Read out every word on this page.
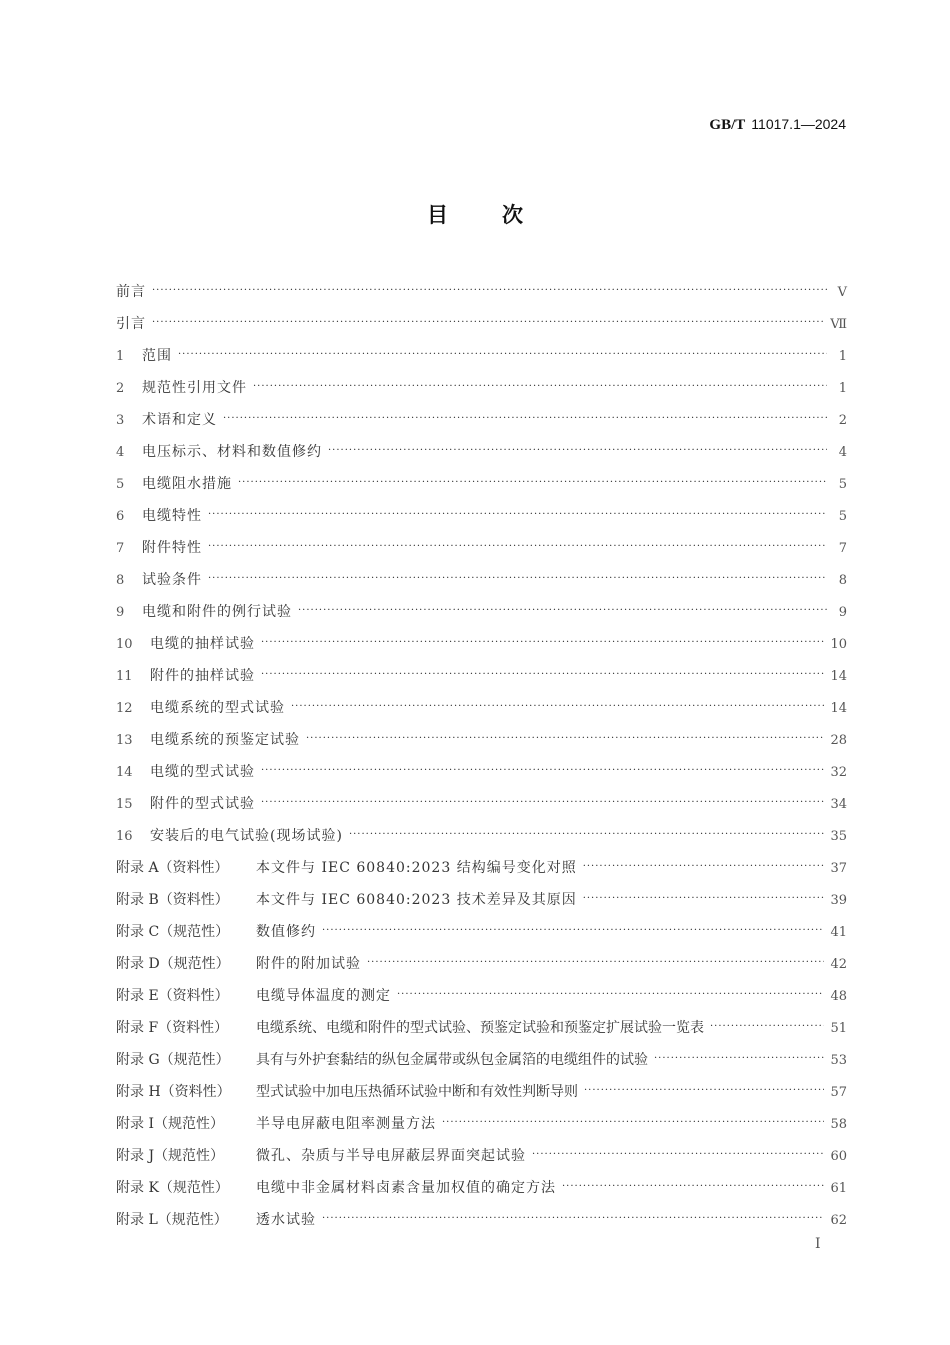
GB/T 11017.1—2024
目	次
前言 ·····	Ⅴ
引言 ·····	Ⅶ
1	范围 ·····	1
2	规范性引用文件 ·····	1
3	术语和定义 ·····	2
4	电压标示、材料和数值修约 ·····	4
5	电缆阻水措施 ·····	5
6	电缆特性 ·····	5
7	附件特性 ·····	7
8	试验条件 ·····	8
9	电缆和附件的例行试验 ·····	9
10	电缆的抽样试验 ·····	10
11	附件的抽样试验 ·····	14
12	电缆系统的型式试验 ·····	14
13	电缆系统的预鉴定试验 ·····	28
14	电缆的型式试验 ·····	32
15	附件的型式试验 ·····	34
16	安装后的电气试验(现场试验) ·····	35
附录 A（资料性）	本文件与 IEC 60840:2023 结构编号变化对照 ·····	37
附录 B（资料性）	本文件与 IEC 60840:2023 技术差异及其原因 ·····	39
附录 C（规范性）	数值修约 ·····	41
附录 D（规范性）	附件的附加试验 ·····	42
附录 E（资料性）	电缆导体温度的测定 ·····	48
附录 F（资料性）	电缆系统、电缆和附件的型式试验、预鉴定试验和预鉴定扩展试验一览表 ·····	51
附录 G（规范性）	具有与外护套黏结的纵包金属带或纵包金属箔的电缆组件的试验 ·····	53
附录 H（资料性）	型式试验中加电压热循环试验中断和有效性判断导则 ·····	57
附录 I（规范性）	半导电屏蔽电阻率测量方法 ·····	58
附录 J（规范性）	微孔、杂质与半导电屏蔽层界面突起试验 ·····	60
附录 K（规范性）	电缆中非金属材料卤素含量加权值的确定方法 ·····	61
附录 L（规范性）	透水试验 ·····	62
Ⅰ
